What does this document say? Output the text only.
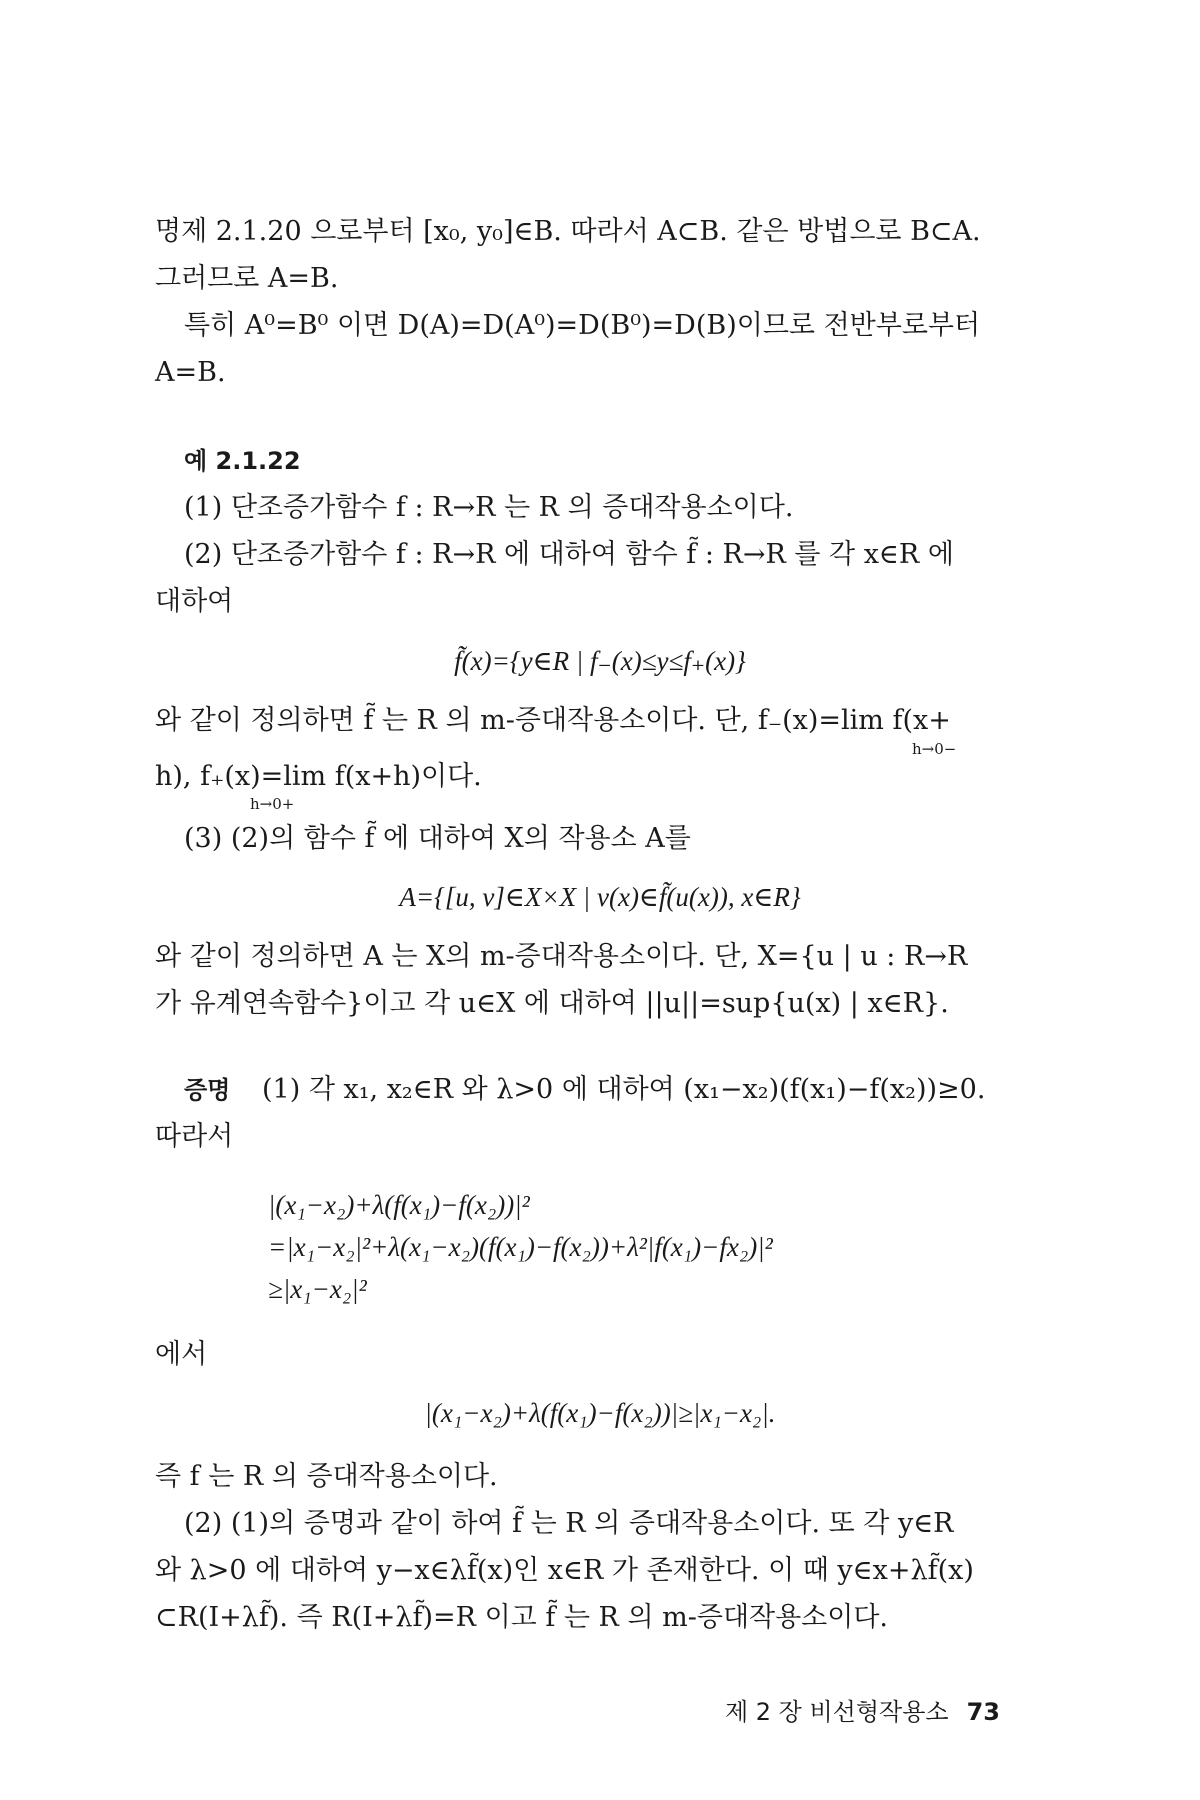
명제 2.1.20 으로부터 [x₀, y₀]∈B. 따라서 A⊂B. 같은 방법으로 B⊂A.
그러므로 A=B.
특히 A⁰=B⁰ 이면 D(A)=D(A⁰)=D(B⁰)=D(B)이므로 전반부로부터
A=B.
예 2.1.22
(1) 단조증가함수 f : R→R 는 R 의 증대작용소이다.
(2) 단조증가함수 f : R→R 에 대하여 함수 f̃ : R→R 를 각 x∈R 에
대하여
f̃(x)={y∈R | f₋(x)≤y≤f₊(x)}
와 같이 정의하면 f̃ 는 R 의 m-증대작용소이다. 단, f₋(x)=lim f(x+
h→0−
h), f₊(x)=lim f(x+h)이다.
h→0+
(3) (2)의 함수 f̃ 에 대하여 X의 작용소 A를
A={[u, v]∈X×X | v(x)∈f̃(u(x)), x∈R}
와 같이 정의하면 A 는 X의 m-증대작용소이다. 단, X={u | u : R→R
가 유계연속함수}이고 각 u∈X 에 대하여 ||u||=sup{u(x) | x∈R}.
증명 (1) 각 x₁, x₂∈R 와 λ>0 에 대하여 (x₁−x₂)(f(x₁)−f(x₂))≥0.
따라서
|(x₁−x₂)+λ(f(x₁)−f(x₂))|²
=|x₁−x₂|²+λ(x₁−x₂)(f(x₁)−f(x₂))+λ²|f(x₁)−fx₂)|²
≥|x₁−x₂|²
에서
|(x₁−x₂)+λ(f(x₁)−f(x₂))|≥|x₁−x₂|.
즉 f 는 R 의 증대작용소이다.
(2) (1)의 증명과 같이 하여 f̃ 는 R 의 증대작용소이다. 또 각 y∈R
와 λ>0 에 대하여 y−x∈λf̃(x)인 x∈R 가 존재한다. 이 때 y∈x+λf̃(x)
⊂R(I+λf̃). 즉 R(I+λf̃)=R 이고 f̃ 는 R 의 m-증대작용소이다.
제 2 장 비선형작용소 73
